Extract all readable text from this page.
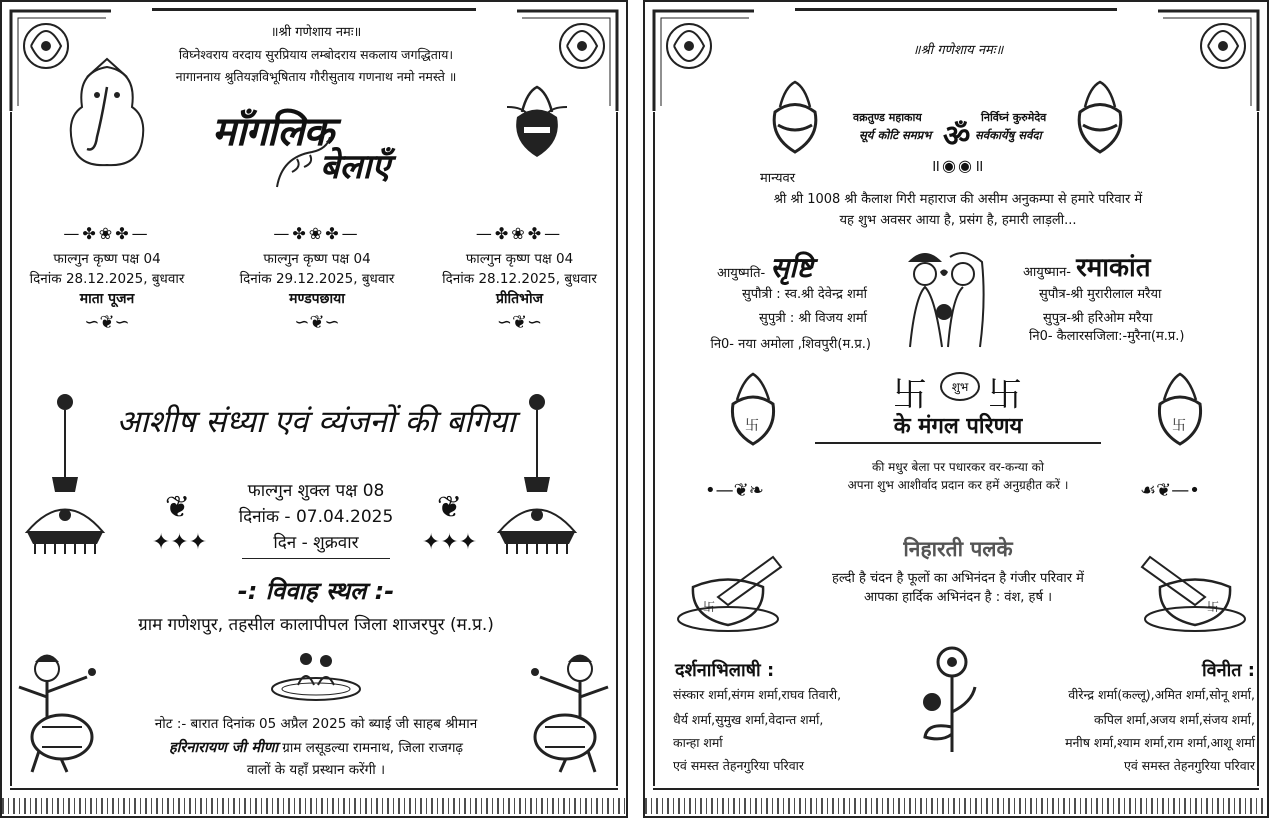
॥श्री गणेशाय नमः॥
विघ्नेश्वराय वरदाय सुरप्रियाय लम्बोदराय सकलाय जगद्धिताय।
नागाननाय श्रुतियज्ञविभूषिताय गौरीसुताय गणनाथ नमो नमस्ते ॥
माँगलिक
बेलाएँ
—✤❀✤—
फाल्गुन कृष्ण पक्ष 04
दिनांक 28.12.2025, बुधवार
माता पूजन
∽❦∽
—✤❀✤—
फाल्गुन कृष्ण पक्ष 04
दिनांक 29.12.2025, बुधवार
मण्डपछाया
∽❦∽
—✤❀✤—
फाल्गुन कृष्ण पक्ष 04
दिनांक 28.12.2025, बुधवार
प्रीतिभोज
∽❦∽
आशीष संध्या एवं व्यंजनों की बगिया
❦
✦✦✦
❦
✦✦✦
फाल्गुन शुक्ल पक्ष 08
दिनांक - 07.04.2025
दिन - शुक्रवार
-: विवाह स्थल :-
ग्राम गणेशपुर, तहसील कालापीपल जिला शाजरपुर (म.प्र.)
नोट :- बारात दिनांक 05 अप्रैल 2025 को ब्याई जी साहब श्रीमान
हरिनारायण जी मीणा ग्राम लसूडल्या रामनाथ, जिला राजगढ़
वालों के यहाँ प्रस्थान करेंगी ।
॥श्री गणेशाय नमः॥
वक्रतुण्ड महाकाय
सूर्य कोटि समप्रभ ॐ
निर्विघ्नं कुरुमेदेव
सर्वकार्येषु सर्वदा
॥◉◉॥
मान्यवर
श्री श्री 1008 श्री कैलाश गिरी महाराज की असीम अनुकम्पा से हमारे परिवार में
यह शुभ अवसर आया है, प्रसंग है, हमारी लाड़ली...
आयुष्मति- सृष्टि
सुपौत्री : स्व.श्री देवेन्द्र शर्मा
सुपुत्री : श्री विजय शर्मा
नि0- नया अमोला ,शिवपुरी(म.प्र.)
आयुष्मान- रमाकांत
सुपौत्र-श्री मुरारीलाल मरैया
सुपुत्र-श्री हरिओम मरैया
नि0- कैलारसजिला:-मुरैना(म.प्र.)
卐	शुभ 卐
卐	卐
के मंगल परिणय
की मधुर बेला पर पधारकर वर-कन्या को
अपना शुभ आशीर्वाद प्रदान कर हमें अनुग्रहीत करें ।
•—❦❧	☙❦—•
निहारती पलके
हल्दी है चंदन है फूलों का अभिनंदन है गंजीर परिवार में
आपका हार्दिक अभिनंदन है : वंश, हर्ष ।
卐	卐
दर्शनाभिलाषी :
संस्कार शर्मा,संगम शर्मा,राघव तिवारी,
धैर्य शर्मा,सुमुख शर्मा,वेदान्त शर्मा,
कान्हा शर्मा
एवं समस्त तेहनगुरिया परिवार
विनीत :
वीरेन्द्र शर्मा(कल्लू),अमित शर्मा,सोनू शर्मा,
कपिल शर्मा,अजय शर्मा,संजय शर्मा,
मनीष शर्मा,श्याम शर्मा,राम शर्मा,आशू शर्मा
एवं समस्त तेहनगुरिया परिवार
